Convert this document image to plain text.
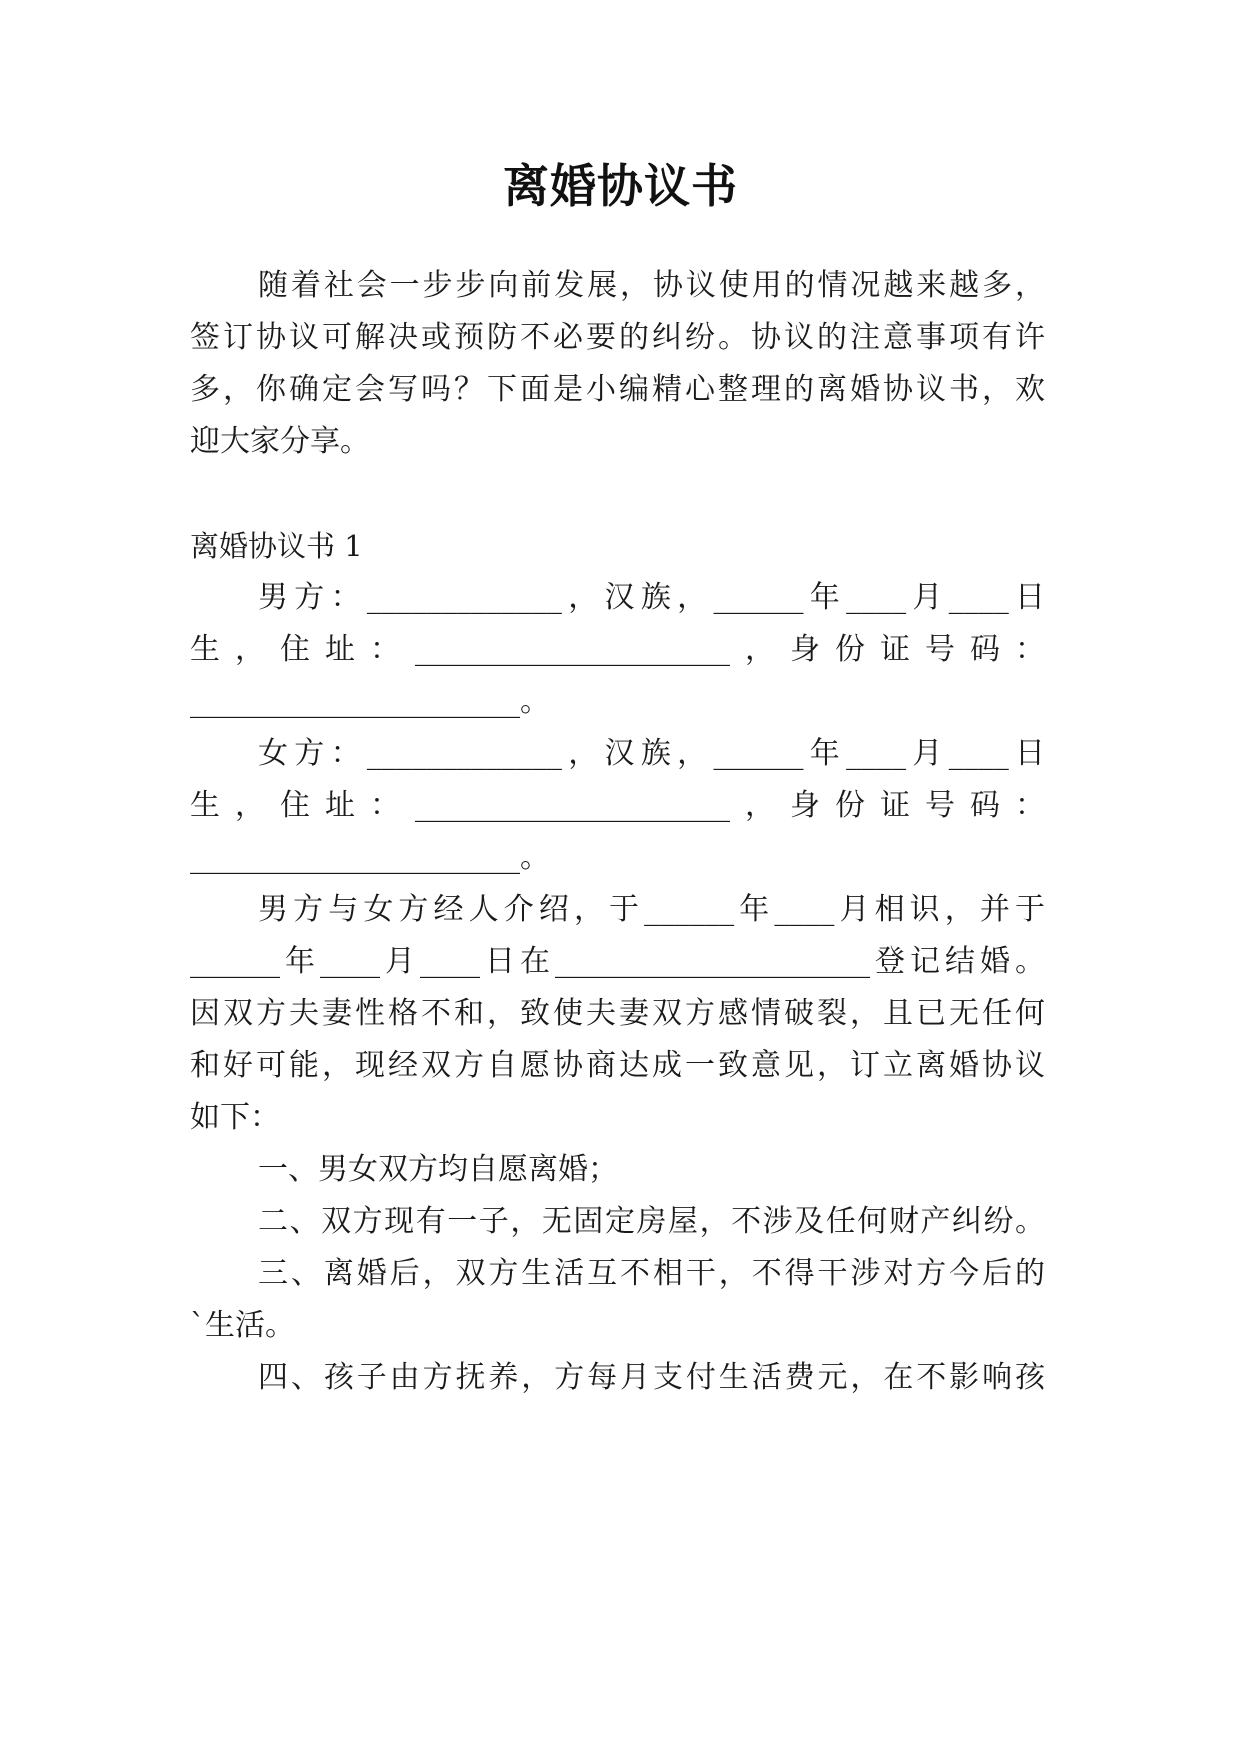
离婚协议书
随着社会一步步向前发展，协议使用的情况越来越多，
签订协议可解决或预防不必要的纠纷。协议的注意事项有许
多，你确定会写吗？下面是小编精心整理的离婚协议书，欢
迎大家分享。
离婚协议书 1
男方：_____________，汉族，______年____月____日
生，住址：_____________________，身份证号码：
______________________。
女方：_____________，汉族，______年____月____日
生，住址：_____________________，身份证号码：
______________________。
男方与女方经人介绍，于______年____月相识，并于
______年____月____日在_____________________登记结婚。
因双方夫妻性格不和，致使夫妻双方感情破裂，且已无任何
和好可能，现经双方自愿协商达成一致意见，订立离婚协议
如下：
一、男女双方均自愿离婚；
二、双方现有一子，无固定房屋，不涉及任何财产纠纷。
三、离婚后，双方生活互不相干，不得干涉对方今后的
`生活。
四、孩子由方抚养，方每月支付生活费元，在不影响孩
